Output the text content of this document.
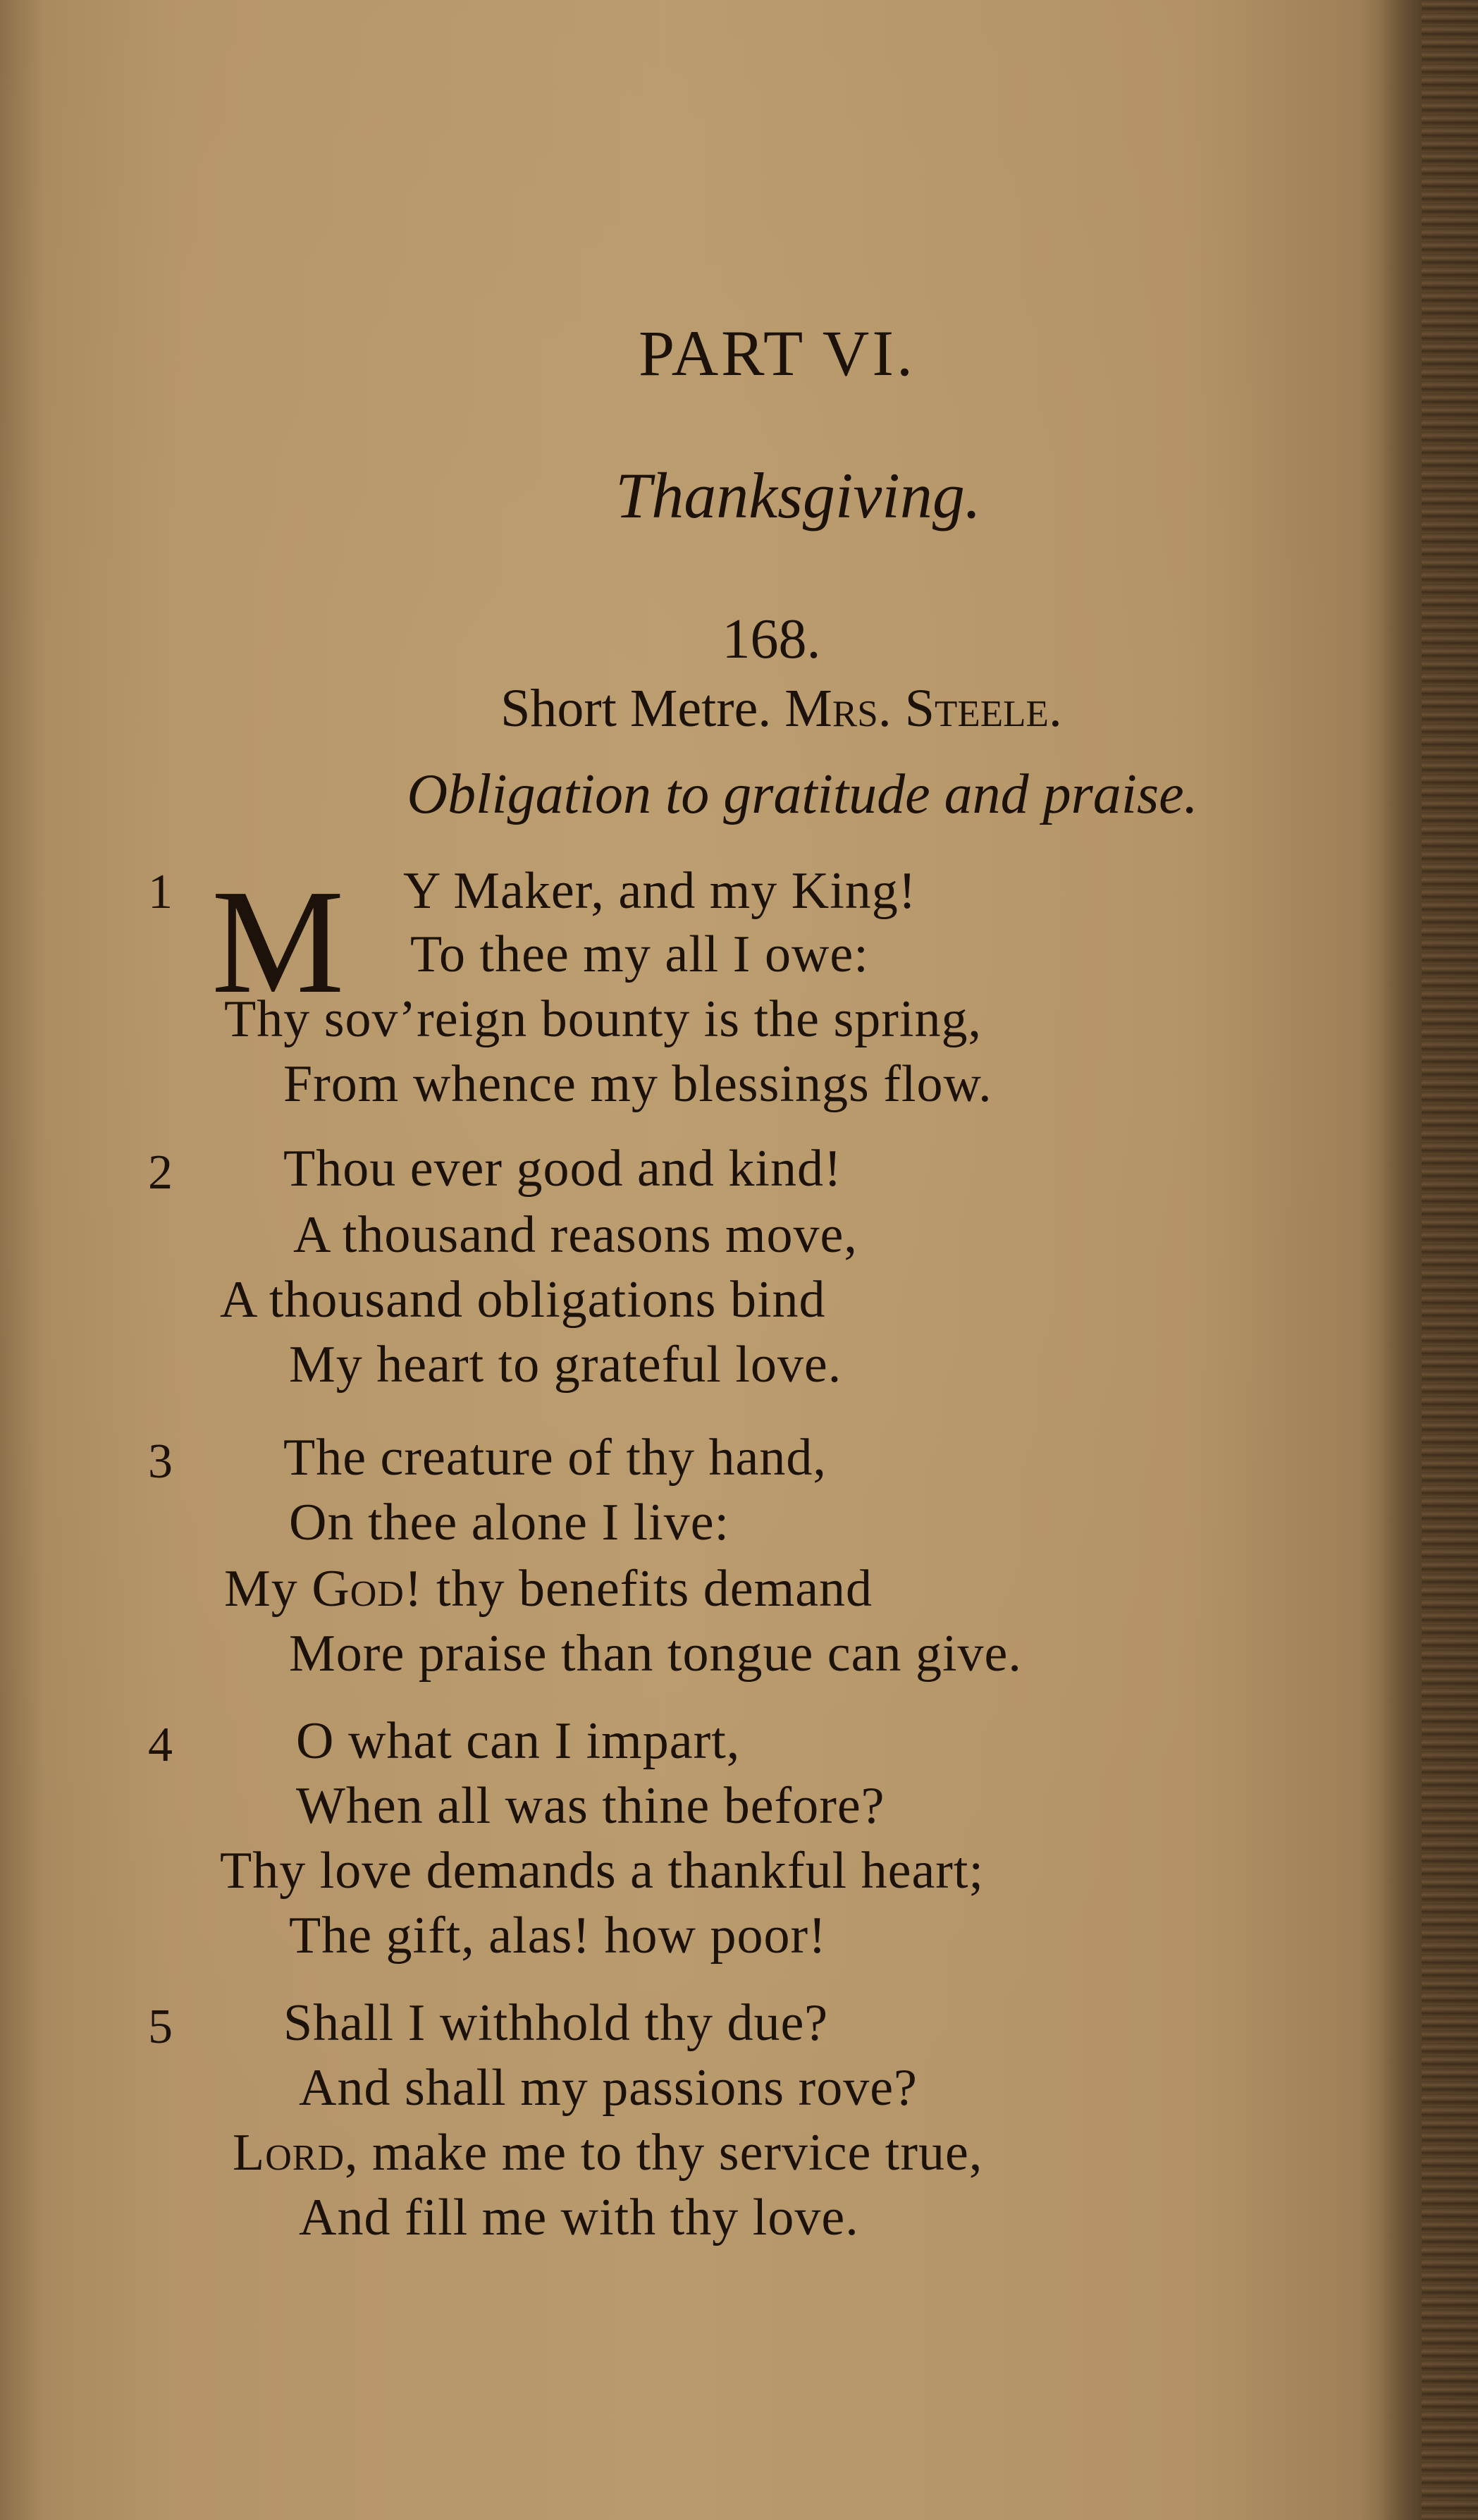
PART VI.
Thanksgiving.
168.
Short Metre. Mrs. Steele.
Obligation to gratitude and praise.
1 M Y Maker, and my King!
To thee my all I owe:
Thy sov’reign bounty is the spring,
From whence my blessings flow.
2 Thou ever good and kind!
A thousand reasons move,
A thousand obligations bind
My heart to grateful love.
3 The creature of thy hand,
On thee alone I live:
My God! thy benefits demand
More praise than tongue can give.
4 O what can I impart,
When all was thine before?
Thy love demands a thankful heart;
The gift, alas! how poor!
5 Shall I withhold thy due?
And shall my passions rove?
Lord, make me to thy service true,
And fill me with thy love.
